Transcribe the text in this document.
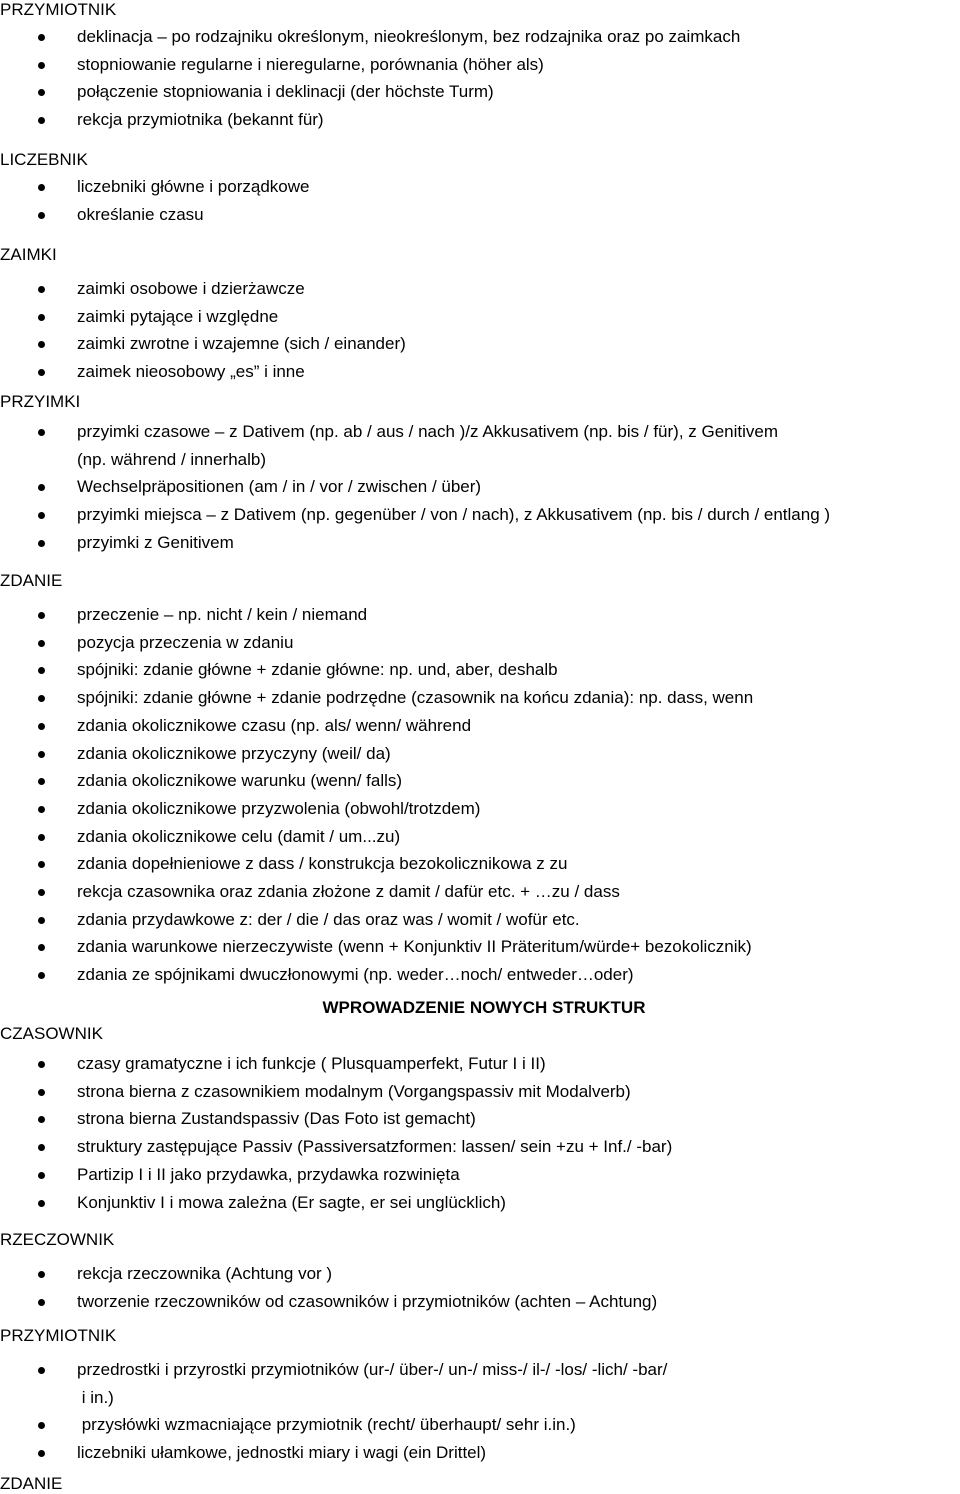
PRZYMIOTNIK
deklinacja – po rodzajniku określonym, nieokreślonym, bez rodzajnika oraz po zaimkach
stopniowanie regularne i nieregularne, porównania (höher als)
połączenie stopniowania i deklinacji (der höchste Turm)
rekcja przymiotnika (bekannt für)
LICZEBNIK
liczebniki główne i porządkowe
określanie czasu
ZAIMKI
zaimki osobowe i dzierżawcze
zaimki pytające i względne
zaimki zwrotne i wzajemne (sich / einander)
zaimek nieosobowy „es” i inne
PRZYIMKI
przyimki czasowe – z Dativem (np. ab / aus / nach )/z Akkusativem (np. bis / für), z Genitivem
(np. während / innerhalb)
Wechselpräpositionen (am / in / vor / zwischen / über)
przyimki miejsca – z Dativem (np. gegenüber / von / nach), z Akkusativem (np. bis / durch / entlang )
przyimki z Genitivem
ZDANIE
przeczenie – np. nicht / kein / niemand
pozycja przeczenia w zdaniu
spójniki: zdanie główne + zdanie główne: np. und, aber, deshalb
spójniki: zdanie główne + zdanie podrzędne (czasownik na końcu zdania): np. dass, wenn
zdania okolicznikowe czasu (np. als/ wenn/ während
zdania okolicznikowe przyczyny (weil/ da)
zdania okolicznikowe warunku (wenn/ falls)
zdania okolicznikowe przyzwolenia (obwohl/trotzdem)
zdania okolicznikowe celu (damit / um...zu)
zdania dopełnieniowe z dass / konstrukcja bezokolicznikowa z zu
rekcja czasownika oraz zdania złożone z damit / dafür etc. + …zu / dass
zdania przydawkowe z: der / die / das oraz was / womit / wofür etc.
zdania warunkowe nierzeczywiste (wenn + Konjunktiv II Präteritum/würde+ bezokolicznik)
zdania ze spójnikami dwuczłonowymi (np. weder…noch/ entweder…oder)
WPROWADZENIE NOWYCH STRUKTUR
CZASOWNIK
czasy gramatyczne i ich funkcje ( Plusquamperfekt, Futur I i II)
strona bierna z czasownikiem modalnym (Vorgangspassiv mit Modalverb)
strona bierna Zustandspassiv (Das Foto ist gemacht)
struktury zastępujące Passiv (Passiversatzformen: lassen/ sein +zu + Inf./ -bar)
Partizip I i II jako przydawka, przydawka rozwinięta
Konjunktiv I i mowa zależna (Er sagte, er sei unglücklich)
RZECZOWNIK
rekcja rzeczownika (Achtung vor )
tworzenie rzeczowników od czasowników i przymiotników (achten – Achtung)
PRZYMIOTNIK
przedrostki i przyrostki przymiotników (ur-/ über-/ un-/ miss-/ il-/ -los/ -lich/ -bar/
i in.)
przysłówki wzmacniające przymiotnik (recht/ überhaupt/ sehr i.in.)
liczebniki ułamkowe, jednostki miary i wagi (ein Drittel)
ZDANIE
